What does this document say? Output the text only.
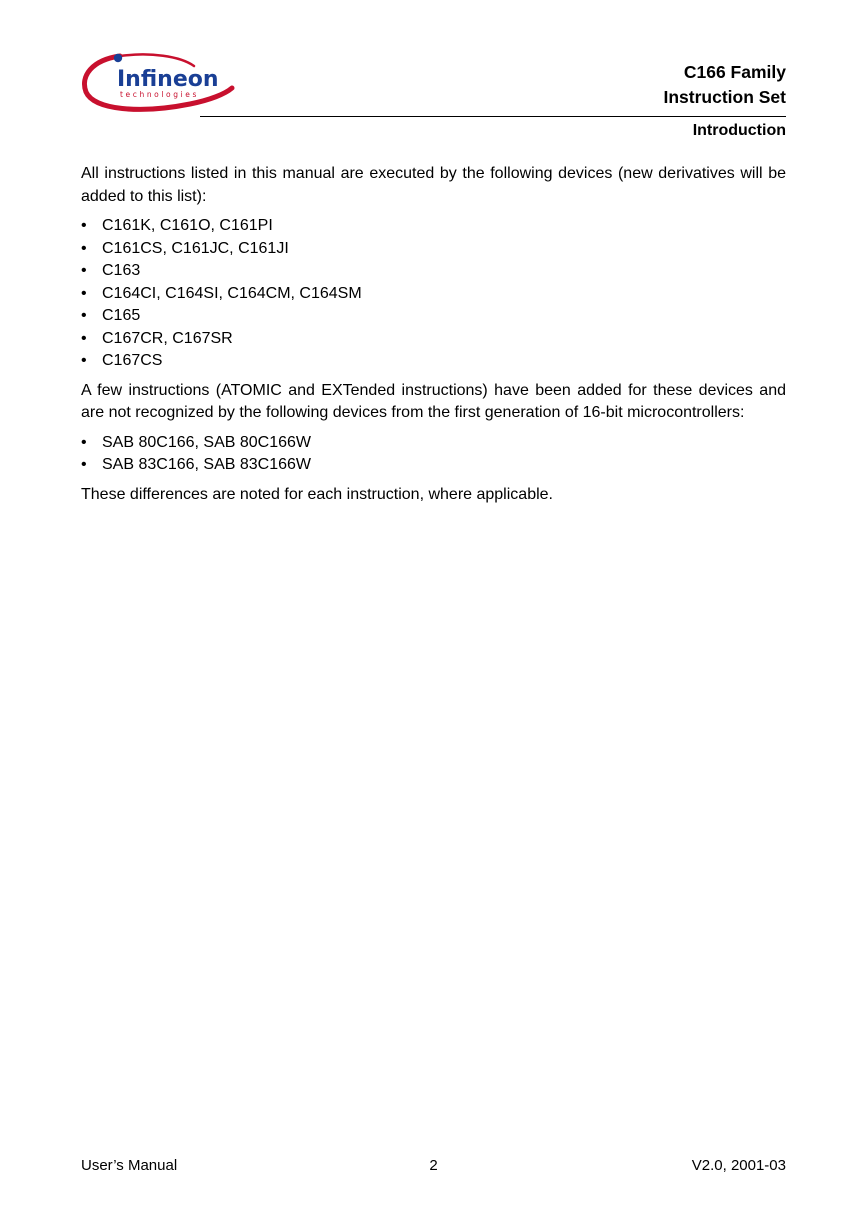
Infineon
technologies
C166 Family
Instruction Set
Introduction

All instructions listed in this manual are executed by the following devices (new derivatives will be added to this list):

• C161K, C161O, C161PI
• C161CS, C161JC, C161JI
• C163
• C164CI, C164SI, C164CM, C164SM
• C165
• C167CR, C167SR
• C167CS

A few instructions (ATOMIC and EXTended instructions) have been added for these devices and are not recognized by the following devices from the first generation of 16-bit microcontrollers:

• SAB 80C166, SAB 80C166W
• SAB 83C166, SAB 83C166W

These differences are noted for each instruction, where applicable.

User’s Manual	2	V2.0, 2001-03
